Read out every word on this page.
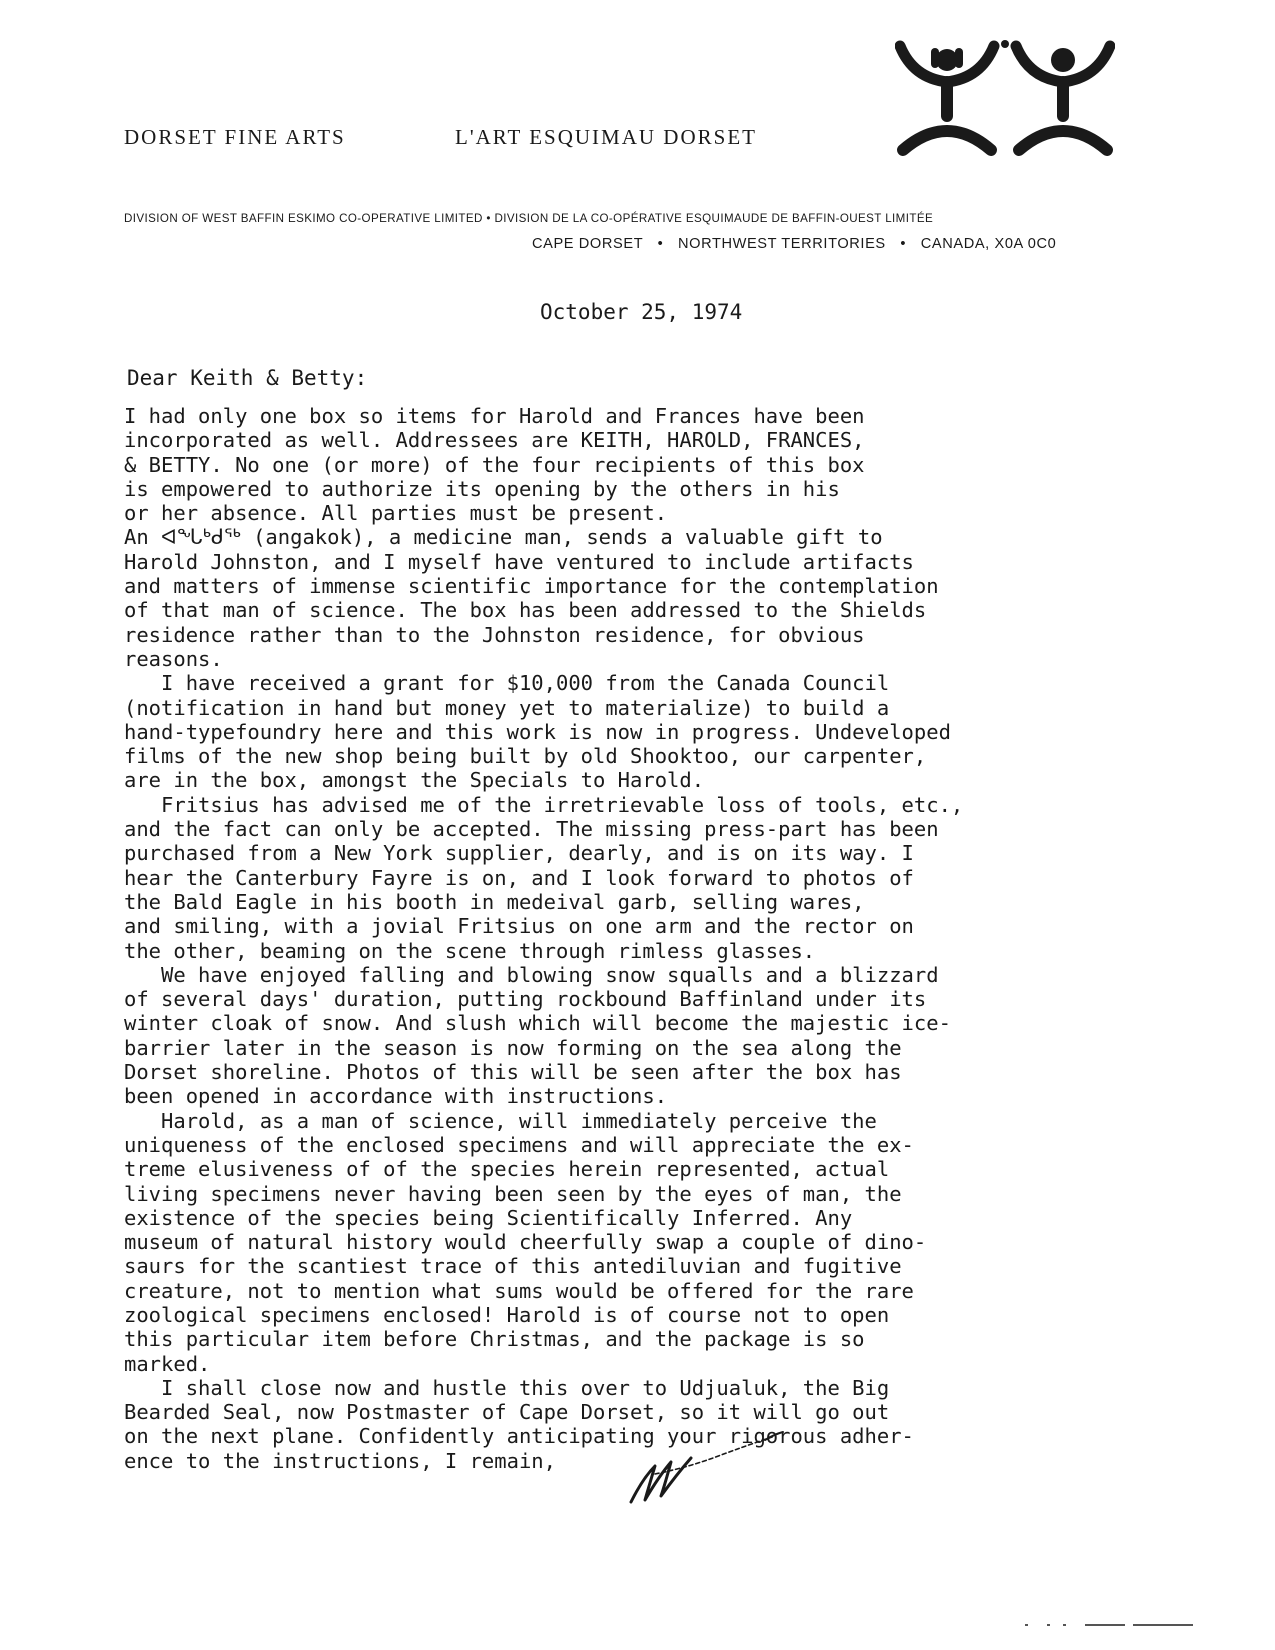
DORSET FINE ARTS	L'ART ESQUIMAU DORSET
DIVISION OF WEST BAFFIN ESKIMO CO-OPERATIVE LIMITED • DIVISION DE LA CO-OPÉRATIVE ESQUIMAUDE DE BAFFIN-OUEST LIMITÉE
CAPE DORSET • NORTHWEST TERRITORIES • CANADA, X0A 0C0
October 25, 1974
Dear Keith & Betty:
I had only one box so items for Harold and Frances have been
incorporated as well. Addressees are KEITH, HAROLD, FRANCES,
& BETTY. No one (or more) of the four recipients of this box
is empowered to authorize its opening by the others in his
or her absence. All parties must be present.
An ᐊᖓᒃᑯᖅ (angakok), a medicine man, sends a valuable gift to
Harold Johnston, and I myself have ventured to include artifacts
and matters of immense scientific importance for the contemplation
of that man of science. The box has been addressed to the Shields
residence rather than to the Johnston residence, for obvious
reasons.
I have received a grant for $10,000 from the Canada Council
(notification in hand but money yet to materialize) to build a
hand-typefoundry here and this work is now in progress. Undeveloped
films of the new shop being built by old Shooktoo, our carpenter,
are in the box, amongst the Specials to Harold.
Fritsius has advised me of the irretrievable loss of tools, etc.,
and the fact can only be accepted. The missing press-part has been
purchased from a New York supplier, dearly, and is on its way. I
hear the Canterbury Fayre is on, and I look forward to photos of
the Bald Eagle in his booth in medeival garb, selling wares,
and smiling, with a jovial Fritsius on one arm and the rector on
the other, beaming on the scene through rimless glasses.
We have enjoyed falling and blowing snow squalls and a blizzard
of several days' duration, putting rockbound Baffinland under its
winter cloak of snow. And slush which will become the majestic ice-
barrier later in the season is now forming on the sea along the
Dorset shoreline. Photos of this will be seen after the box has
been opened in accordance with instructions.
Harold, as a man of science, will immediately perceive the
uniqueness of the enclosed specimens and will appreciate the ex-
treme elusiveness of of the species herein represented, actual
living specimens never having been seen by the eyes of man, the
existence of the species being Scientifically Inferred. Any
museum of natural history would cheerfully swap a couple of dino-
saurs for the scantiest trace of this antediluvian and fugitive
creature, not to mention what sums would be offered for the rare
zoological specimens enclosed! Harold is of course not to open
this particular item before Christmas, and the package is so
marked.
I shall close now and hustle this over to Udjualuk, the Big
Bearded Seal, now Postmaster of Cape Dorset, so it will go out
on the next plane. Confidently anticipating your rigorous adher-
ence to the instructions, I remain,
